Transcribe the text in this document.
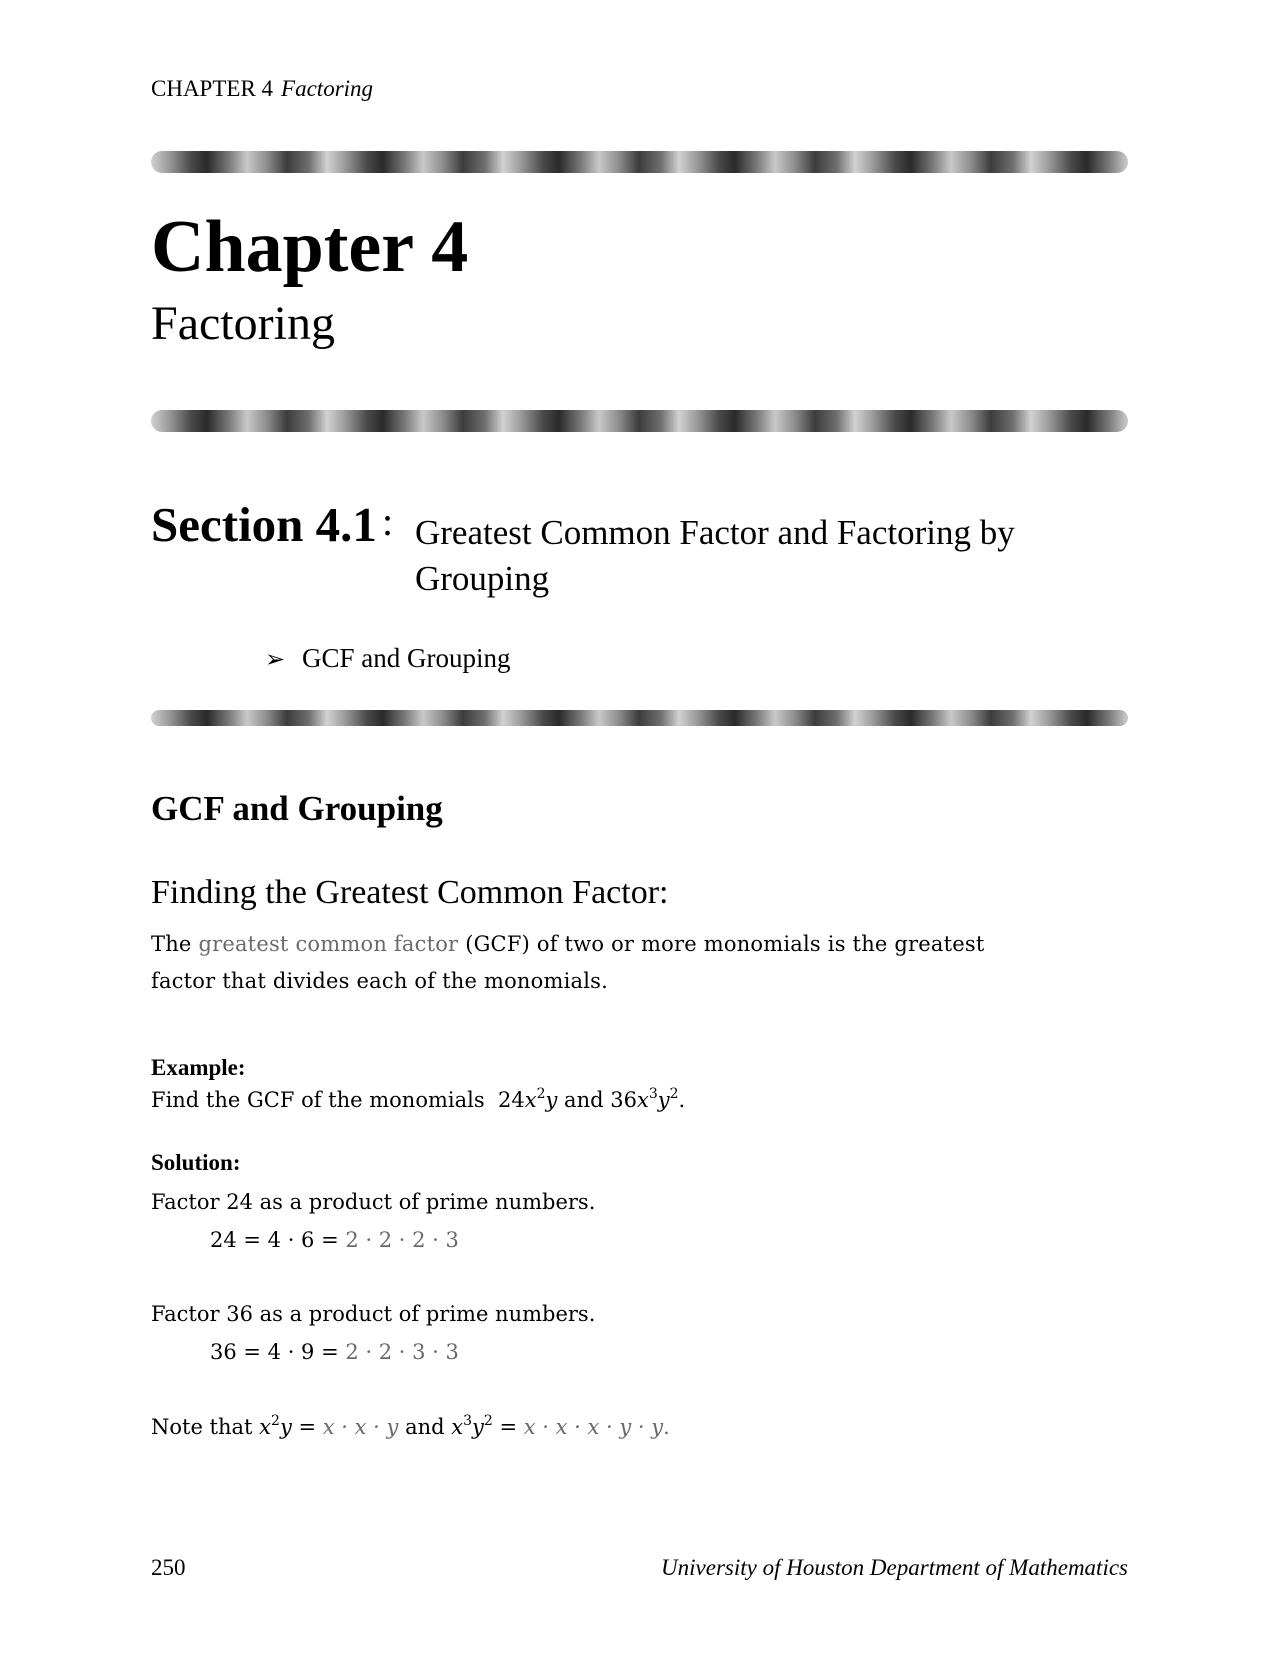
CHAPTER 4 Factoring
Chapter 4
Factoring
Section 4.1 : Greatest Common Factor and Factoring by Grouping
➢ GCF and Grouping
GCF and Grouping
Finding the Greatest Common Factor:
The greatest common factor (GCF) of two or more monomials is the greatest
factor that divides each of the monomials.
Example:
Find the GCF of the monomials $24x^2y$ and $36x^3y^2$.
Solution:
Factor 24 as a product of prime numbers.
24 = 4 · 6 = 2 · 2 · 2 · 3
Factor 36 as a product of prime numbers.
36 = 4 · 9 = 2 · 2 · 3 · 3
Note that $x^2y = x \cdot x \cdot y$ and $x^3y^2 = x \cdot x \cdot x \cdot y \cdot y$.
250	University of Houston Department of Mathematics
